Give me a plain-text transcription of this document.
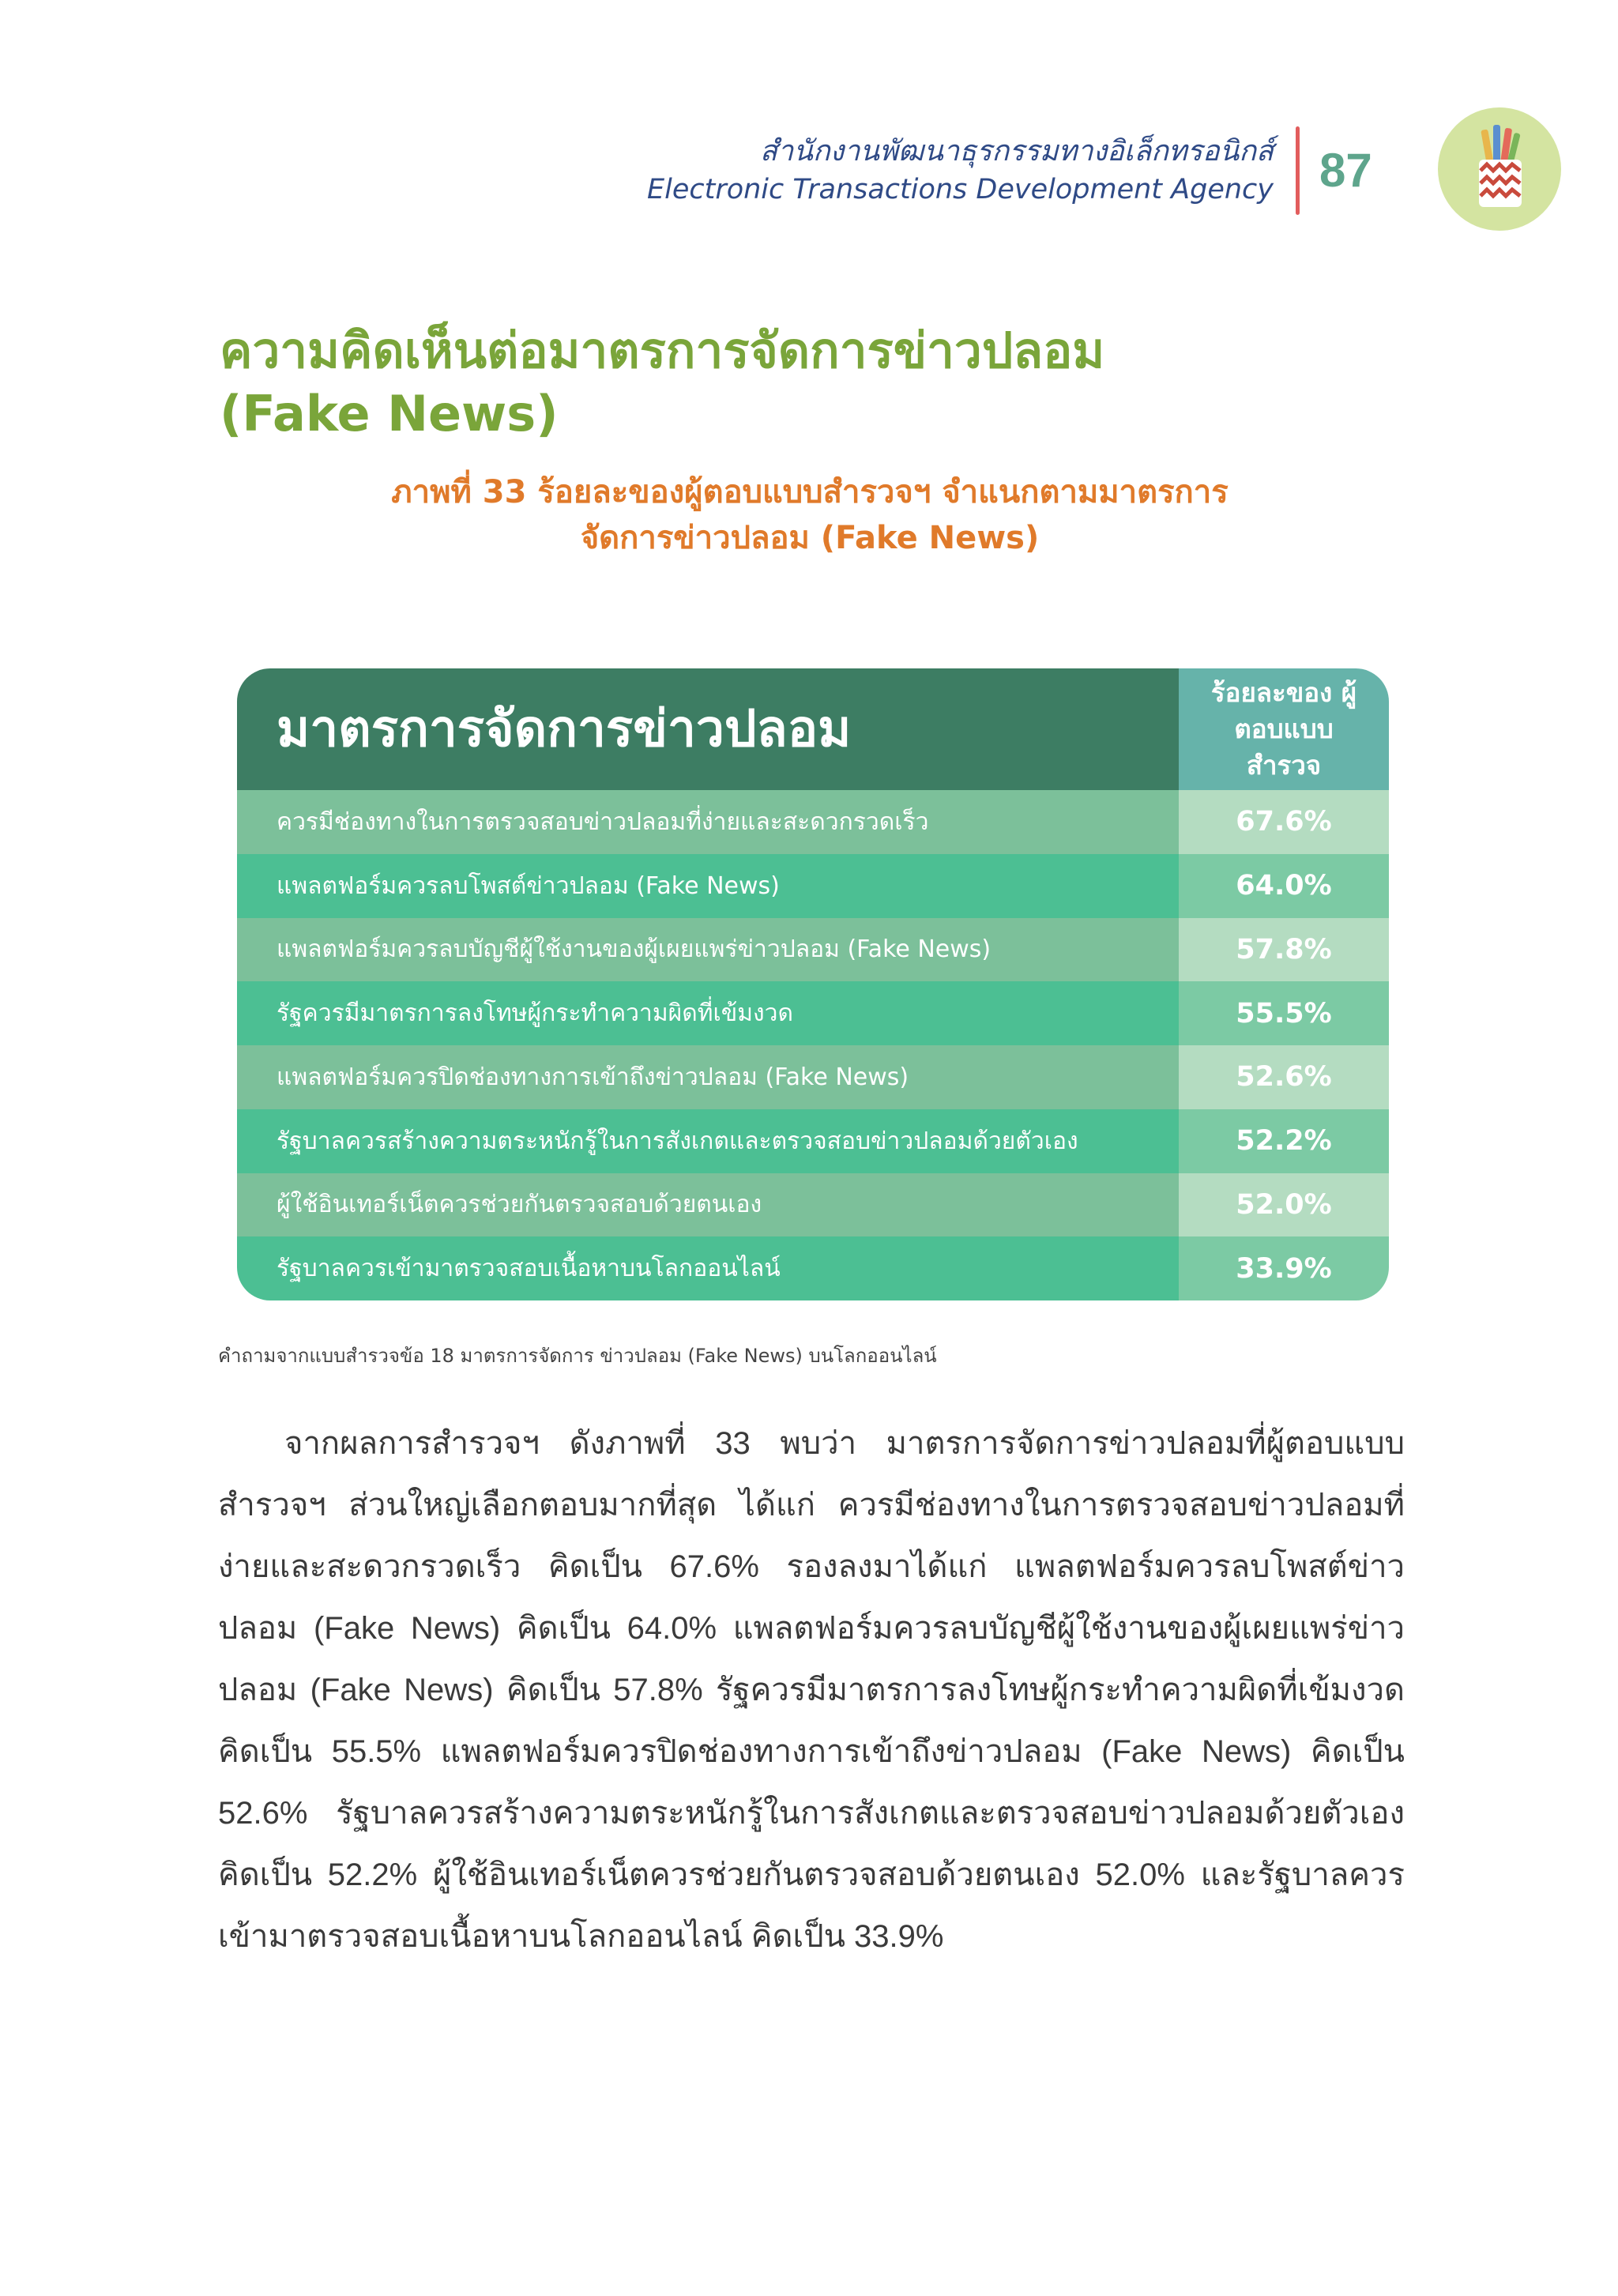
สำนักงานพัฒนาธุรกรรมทางอิเล็กทรอนิกส์
Electronic Transactions Development Agency 87
ความคิดเห็นต่อมาตรการจัดการข่าวปลอม
(Fake News)
ภาพที่ 33 ร้อยละของผู้ตอบแบบสำรวจฯ จำแนกตามมาตรการ
จัดการข่าวปลอม (Fake News)
มาตรการจัดการข่าวปลอม
ร้อยละของ ผู้ตอบแบบ สำรวจ
ควรมีช่องทางในการตรวจสอบข่าวปลอมที่ง่ายและสะดวกรวดเร็ว	67.6%
แพลตฟอร์มควรลบโพสต์ข่าวปลอม (Fake News)	64.0%
แพลตฟอร์มควรลบบัญชีผู้ใช้งานของผู้เผยแพร่ข่าวปลอม (Fake News)	57.8%
รัฐควรมีมาตรการลงโทษผู้กระทำความผิดที่เข้มงวด	55.5%
แพลตฟอร์มควรปิดช่องทางการเข้าถึงข่าวปลอม (Fake News)	52.6%
รัฐบาลควรสร้างความตระหนักรู้ในการสังเกตและตรวจสอบข่าวปลอมด้วยตัวเอง	52.2%
ผู้ใช้อินเทอร์เน็ตควรช่วยกันตรวจสอบด้วยตนเอง	52.0%
รัฐบาลควรเข้ามาตรวจสอบเนื้อหาบนโลกออนไลน์	33.9%
คำถามจากแบบสำรวจข้อ 18 มาตรการจัดการ ข่าวปลอม (Fake News) บนโลกออนไลน์
จากผลการสำรวจฯ ดังภาพที่ 33 พบว่า มาตรการจัดการข่าวปลอมที่ผู้ตอบแบบสำรวจฯ ส่วนใหญ่เลือกตอบมากที่สุด ได้แก่ ควรมีช่องทางในการตรวจสอบข่าวปลอมที่ง่ายและสะดวกรวดเร็ว คิดเป็น 67.6% รองลงมาได้แก่ แพลตฟอร์มควรลบโพสต์ข่าวปลอม (Fake News) คิดเป็น 64.0% แพลตฟอร์มควรลบบัญชีผู้ใช้งานของผู้เผยแพร่ข่าวปลอม (Fake News) คิดเป็น 57.8% รัฐควรมีมาตรการลงโทษผู้กระทำความผิดที่เข้มงวด คิดเป็น 55.5% แพลตฟอร์มควรปิดช่องทางการเข้าถึงข่าวปลอม (Fake News) คิดเป็น 52.6% รัฐบาลควรสร้างความตระหนักรู้ในการสังเกตและตรวจสอบข่าวปลอมด้วยตัวเอง คิดเป็น 52.2% ผู้ใช้อินเทอร์เน็ตควรช่วยกันตรวจสอบด้วยตนเอง 52.0% และรัฐบาลควรเข้ามาตรวจสอบเนื้อหาบนโลกออนไลน์ คิดเป็น 33.9%
